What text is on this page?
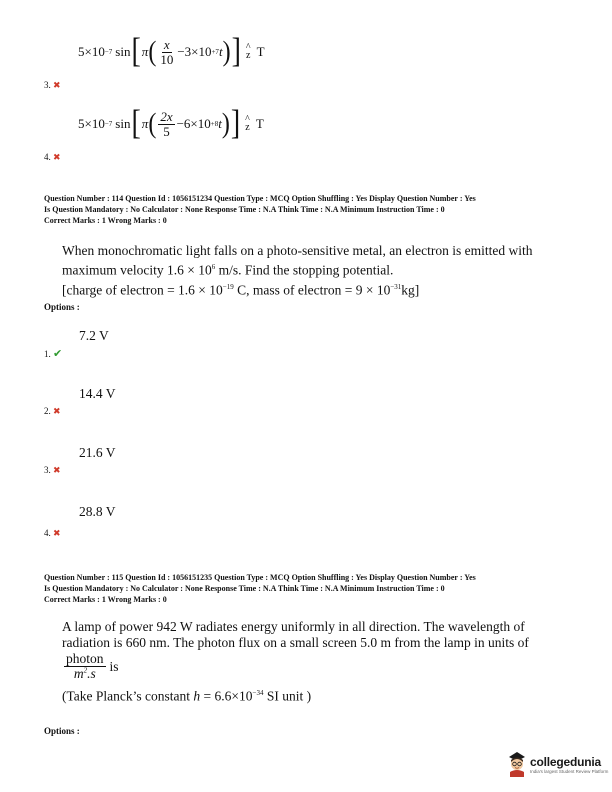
5×10 −7 sin [ π ( $\frac{x}{10} -3\times 10 +7$ t ) ] ^
z T
3. ✖
5×10 −7 sin [ π ( $\frac{2x}{5} -6\times 10 +8$ t ) ] ^
z T
4. ✖
Question Number : 114 Question Id : 1056151234 Question Type : MCQ Option Shuffling : Yes Display Question Number : Yes
Is Question Mandatory : No Calculator : None Response Time : N.A Think Time : N.A Minimum Instruction Time : 0
Correct Marks : 1 Wrong Marks : 0
When monochromatic light falls on a photo-sensitive metal, an electron is emitted with
maximum velocity $1.6 \times 10^6$ m/s. Find the stopping potential.
[charge of electron = $1.6 \times 10^{-19}$ C, mass of electron = $9 \times 10^{-31}kg$]
Options :
7.2 V
1. ✔
14.4 V
2. ✖
21.6 V
3. ✖
28.8 V
4. ✖
Question Number : 115 Question Id : 1056151235 Question Type : MCQ Option Shuffling : Yes Display Question Number : Yes
Is Question Mandatory : No Calculator : None Response Time : N.A Think Time : N.A Minimum Instruction Time : 0
Correct Marks : 1 Wrong Marks : 0
A lamp of power 942 W radiates energy uniformly in all direction. The wavelength of
radiation is 660 nm. The photon flux on a small screen 5.0 m from the lamp in units of
$\frac{\text{photon}}{m^2.s}$ is
(Take Planck’s constant $h = 6.6\times 10^{-34}$ SI unit )
Options :
collegedunia
India's largest Student Review Platform
